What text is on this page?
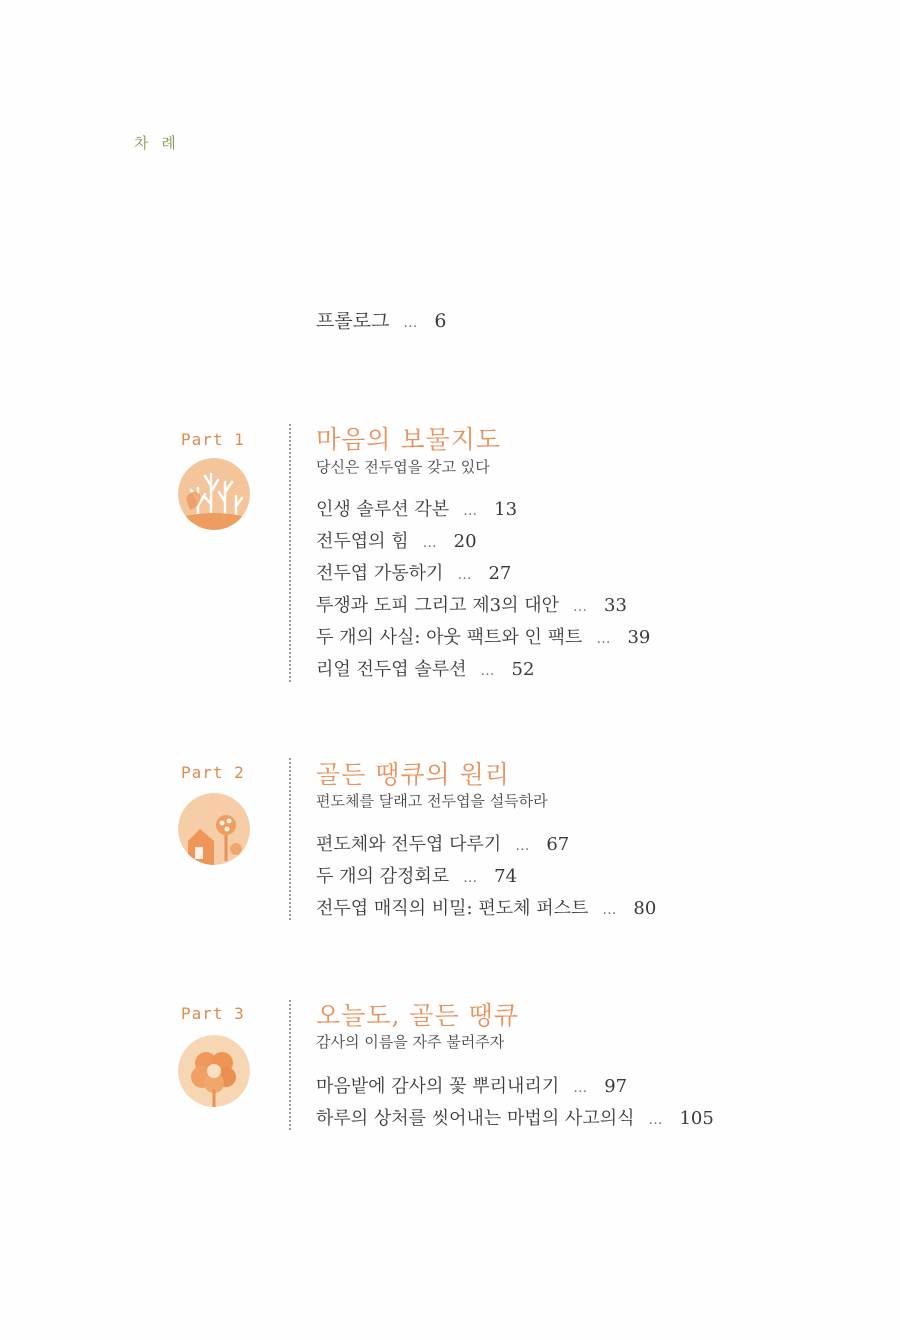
차 례
프롤로그 … 6
Part 1	마음의 보물지도
당신은 전두엽을 갖고 있다
인생 솔루션 각본 … 13
전두엽의 힘 … 20
전두엽 가동하기 … 27
투쟁과 도피 그리고 제3의 대안 … 33
두 개의 사실: 아웃 팩트와 인 팩트 … 39
리얼 전두엽 솔루션 … 52
Part 2	골든 땡큐의 원리
편도체를 달래고 전두엽을 설득하라
편도체와 전두엽 다루기 … 67
두 개의 감정회로 … 74
전두엽 매직의 비밀: 편도체 퍼스트 … 80
Part 3	오늘도, 골든 땡큐
감사의 이름을 자주 불러주자
마음밭에 감사의 꽃 뿌리내리기 … 97
하루의 상처를 씻어내는 마법의 사고의식 … 105
